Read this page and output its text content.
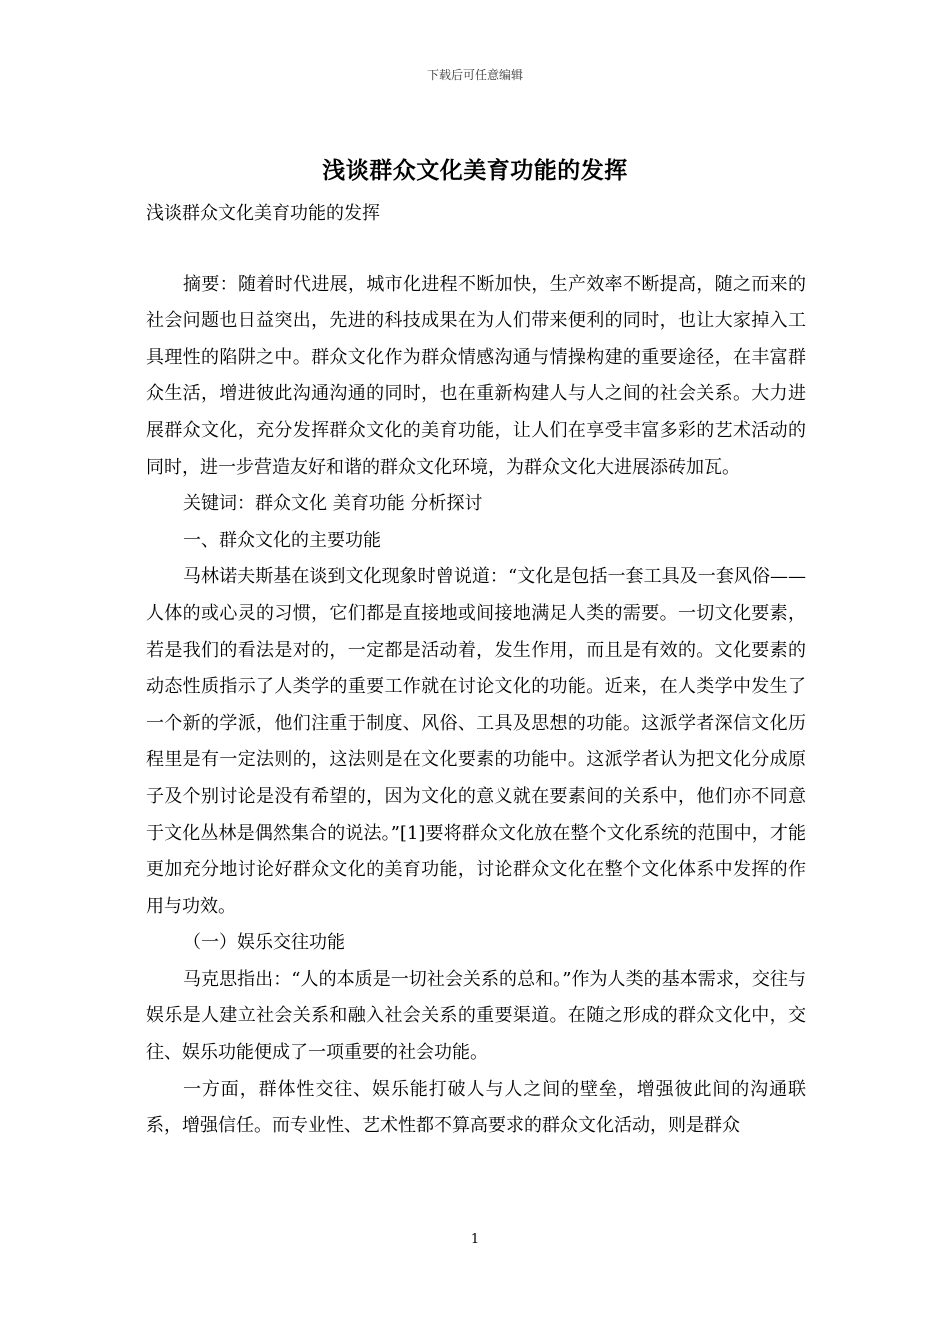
下载后可任意编辑
浅谈群众文化美育功能的发挥

浅谈群众文化美育功能的发挥

摘要：随着时代进展，城市化进程不断加快，生产效率不断提高，随之而来的社会问题也日益突出，先进的科技成果在为人们带来便利的同时，也让大家掉入工具理性的陷阱之中。群众文化作为群众情感沟通与情操构建的重要途径，在丰富群众生活，增进彼此沟通沟通的同时，也在重新构建人与人之间的社会关系。大力进展群众文化，充分发挥群众文化的美育功能，让人们在享受丰富多彩的艺术活动的同时，进一步营造友好和谐的群众文化环境，为群众文化大进展添砖加瓦。

关键词：群众文化 美育功能 分析探讨

一、群众文化的主要功能

马林诺夫斯基在谈到文化现象时曾说道：“文化是包括一套工具及一套风俗——人体的或心灵的习惯，它们都是直接地或间接地满足人类的需要。一切文化要素，若是我们的看法是对的，一定都是活动着，发生作用，而且是有效的。文化要素的动态性质指示了人类学的重要工作就在讨论文化的功能。近来，在人类学中发生了一个新的学派，他们注重于制度、风俗、工具及思想的功能。这派学者深信文化历程里是有一定法则的，这法则是在文化要素的功能中。这派学者认为把文化分成原子及个别讨论是没有希望的，因为文化的意义就在要素间的关系中，他们亦不同意于文化丛林是偶然集合的说法。”[1]要将群众文化放在整个文化系统的范围中，才能更加充分地讨论好群众文化的美育功能，讨论群众文化在整个文化体系中发挥的作用与功效。

（一）娱乐交往功能

马克思指出：“人的本质是一切社会关系的总和。”作为人类的基本需求，交往与娱乐是人建立社会关系和融入社会关系的重要渠道。在随之形成的群众文化中，交往、娱乐功能便成了一项重要的社会功能。

一方面，群体性交往、娱乐能打破人与人之间的壁垒，增强彼此间的沟通联系，增强信任。而专业性、艺术性都不算高要求的群众文化活动，则是群众

1
